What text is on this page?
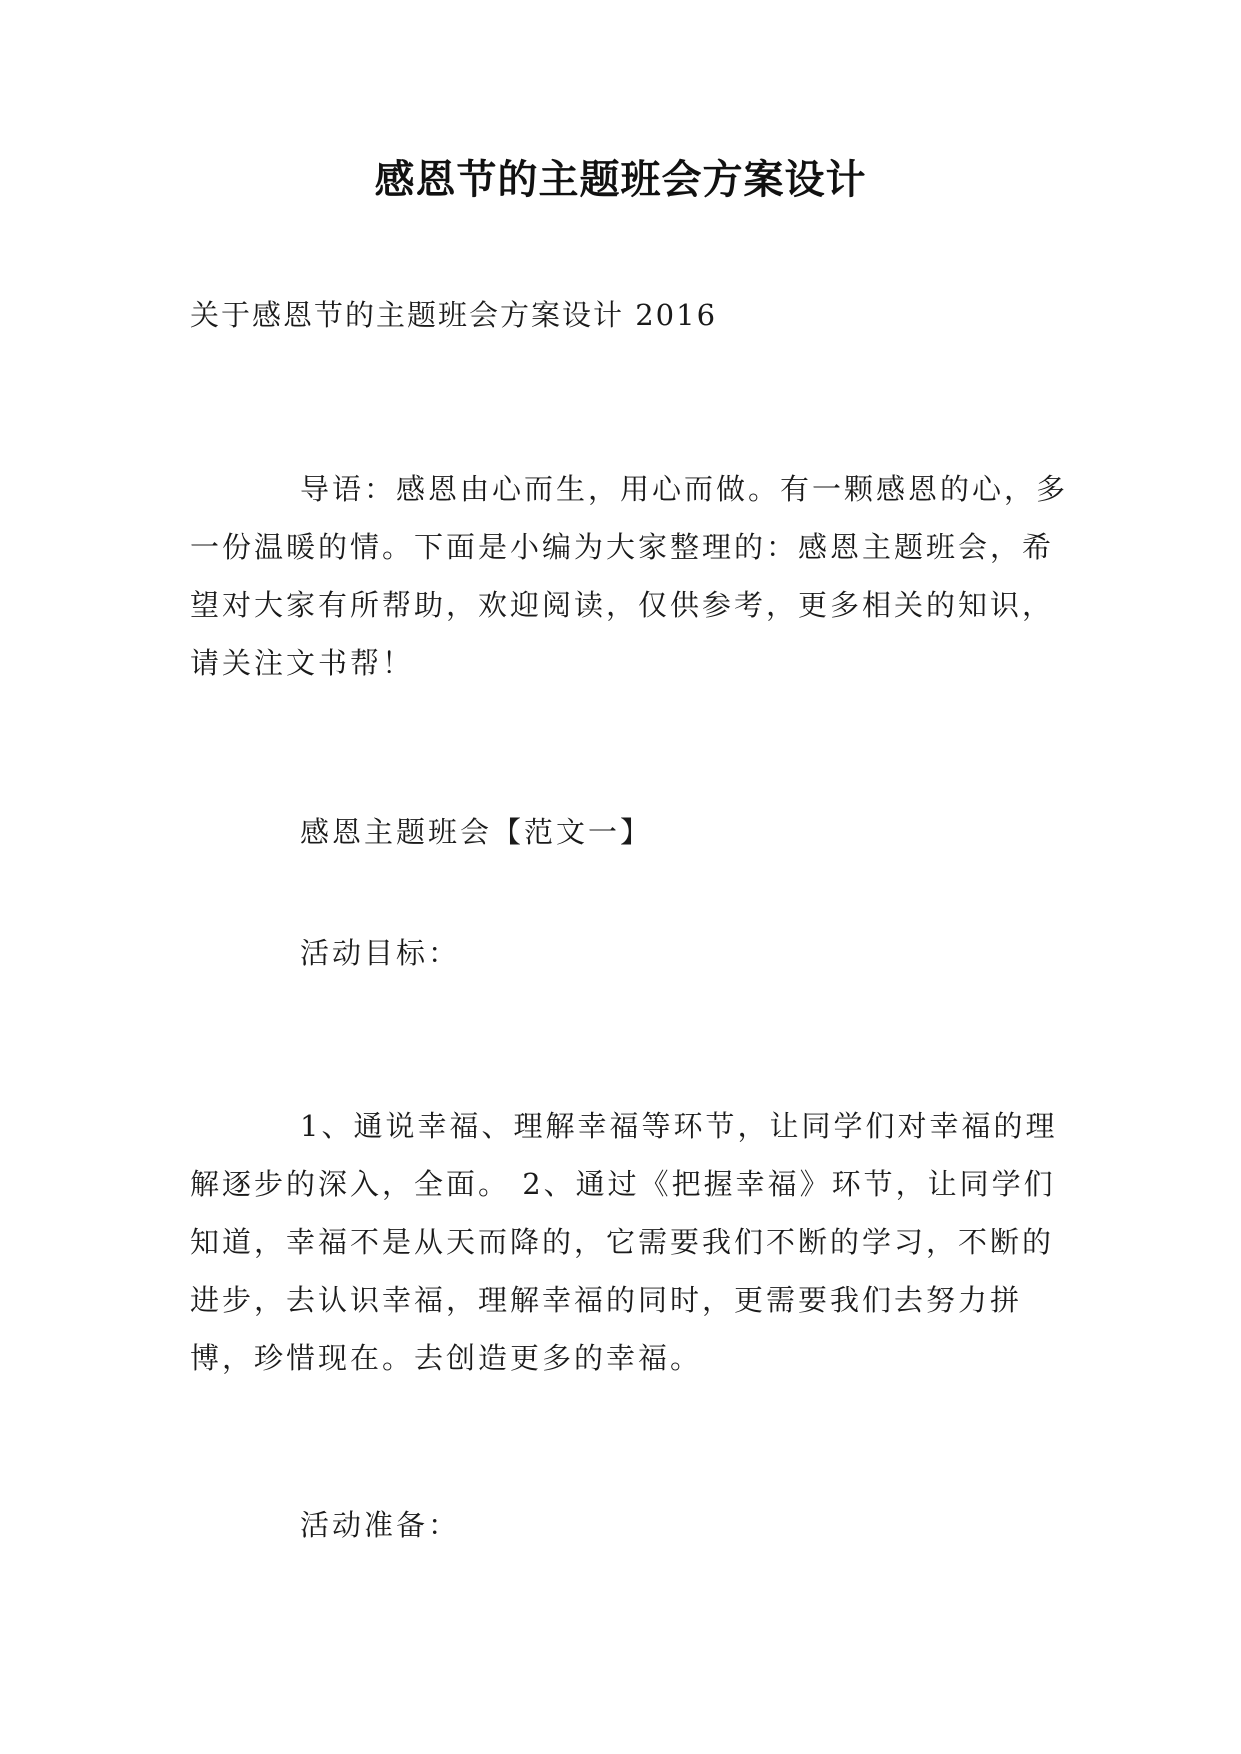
感恩节的主题班会方案设计

关于感恩节的主题班会方案设计 2016

导语：感恩由心而生，用心而做。有一颗感恩的心，多一份温暖的情。下面是小编为大家整理的：感恩主题班会，希望对大家有所帮助，欢迎阅读，仅供参考，更多相关的知识，请关注文书帮！

感恩主题班会【范文一】

活动目标：

1、通说幸福、理解幸福等环节，让同学们对幸福的理解逐步的深入，全面。 2、通过《把握幸福》环节，让同学们知道，幸福不是从天而降的，它需要我们不断的学习，不断的进步，去认识幸福，理解幸福的同时，更需要我们去努力拼博，珍惜现在。去创造更多的幸福。

活动准备：
